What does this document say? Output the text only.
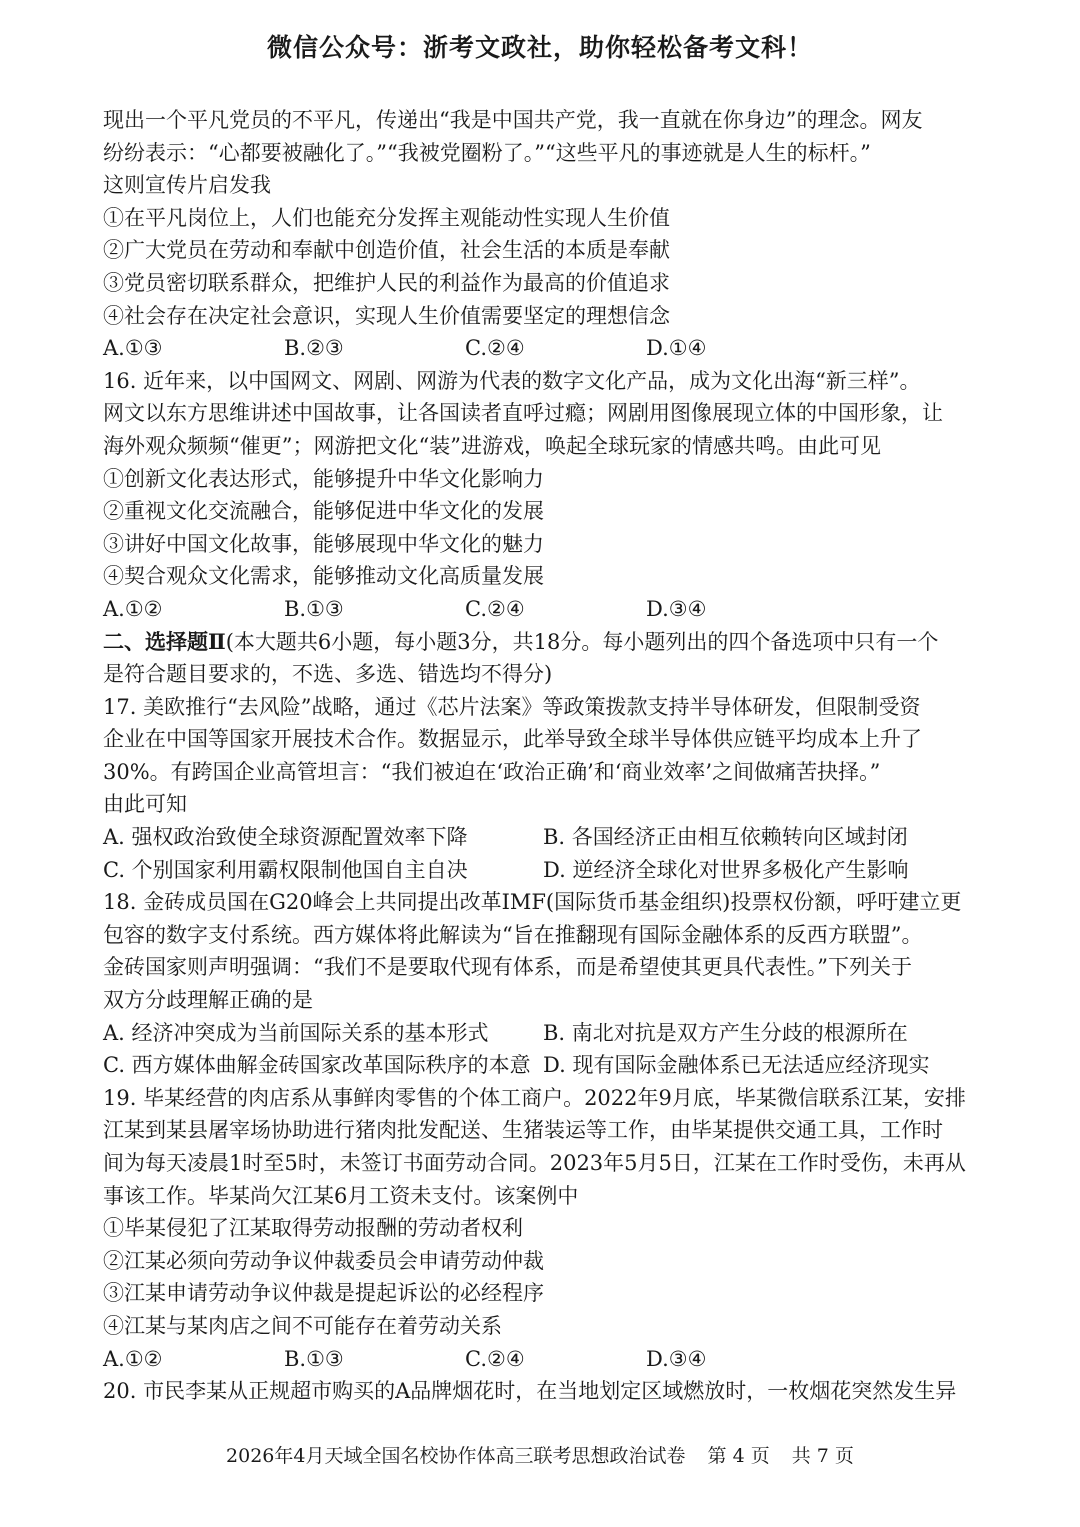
微信公众号：浙考文政社，助你轻松备考文科！
现出一个平凡党员的不平凡，传递出“我是中国共产党，我一直就在你身边”的理念。网友
纷纷表示：“心都要被融化了。”“我被党圈粉了。”“这些平凡的事迹就是人生的标杆。”
这则宣传片启发我
①在平凡岗位上，人们也能充分发挥主观能动性实现人生价值
②广大党员在劳动和奉献中创造价值，社会生活的本质是奉献
③党员密切联系群众，把维护人民的利益作为最高的价值追求
④社会存在决定社会意识，实现人生价值需要坚定的理想信念
A.①③	B.②③	C.②④	D.①④
16. 近年来，以中国网文、网剧、网游为代表的数字文化产品，成为文化出海“新三样”。
网文以东方思维讲述中国故事，让各国读者直呼过瘾；网剧用图像展现立体的中国形象，让
海外观众频频“催更”；网游把文化“装”进游戏，唤起全球玩家的情感共鸣。由此可见
①创新文化表达形式，能够提升中华文化影响力
②重视文化交流融合，能够促进中华文化的发展
③讲好中国文化故事，能够展现中华文化的魅力
④契合观众文化需求，能够推动文化高质量发展
A.①②	B.①③	C.②④	D.③④
二、选择题Ⅱ(本大题共6小题，每小题3分，共18分。每小题列出的四个备选项中只有一个
是符合题目要求的，不选、多选、错选均不得分)
17. 美欧推行“去风险”战略，通过《芯片法案》等政策拨款支持半导体研发，但限制受资
企业在中国等国家开展技术合作。数据显示，此举导致全球半导体供应链平均成本上升了
30%。有跨国企业高管坦言：“我们被迫在‘政治正确’和‘商业效率’之间做痛苦抉择。”
由此可知
A. 强权政治致使全球资源配置效率下降	B. 各国经济正由相互依赖转向区域封闭
C. 个别国家利用霸权限制他国自主自决	D. 逆经济全球化对世界多极化产生影响
18. 金砖成员国在G20峰会上共同提出改革IMF(国际货币基金组织)投票权份额，呼吁建立更
包容的数字支付系统。西方媒体将此解读为“旨在推翻现有国际金融体系的反西方联盟”。
金砖国家则声明强调：“我们不是要取代现有体系，而是希望使其更具代表性。”下列关于
双方分歧理解正确的是
A. 经济冲突成为当前国际关系的基本形式	B. 南北对抗是双方产生分歧的根源所在
C. 西方媒体曲解金砖国家改革国际秩序的本意 D. 现有国际金融体系已无法适应经济现实
19. 毕某经营的肉店系从事鲜肉零售的个体工商户。2022年9月底，毕某微信联系江某，安排
江某到某县屠宰场协助进行猪肉批发配送、生猪装运等工作，由毕某提供交通工具，工作时
间为每天凌晨1时至5时，未签订书面劳动合同。2023年5月5日，江某在工作时受伤，未再从
事该工作。毕某尚欠江某6月工资未支付。该案例中
①毕某侵犯了江某取得劳动报酬的劳动者权利
②江某必须向劳动争议仲裁委员会申请劳动仲裁
③江某申请劳动争议仲裁是提起诉讼的必经程序
④江某与某肉店之间不可能存在着劳动关系
A.①②	B.①③	C.②④	D.③④
20. 市民李某从正规超市购买的A品牌烟花时，在当地划定区域燃放时，一枚烟花突然发生异
2026年4月天域全国名校协作体高三联考思想政治试卷 第 4 页 共 7 页
